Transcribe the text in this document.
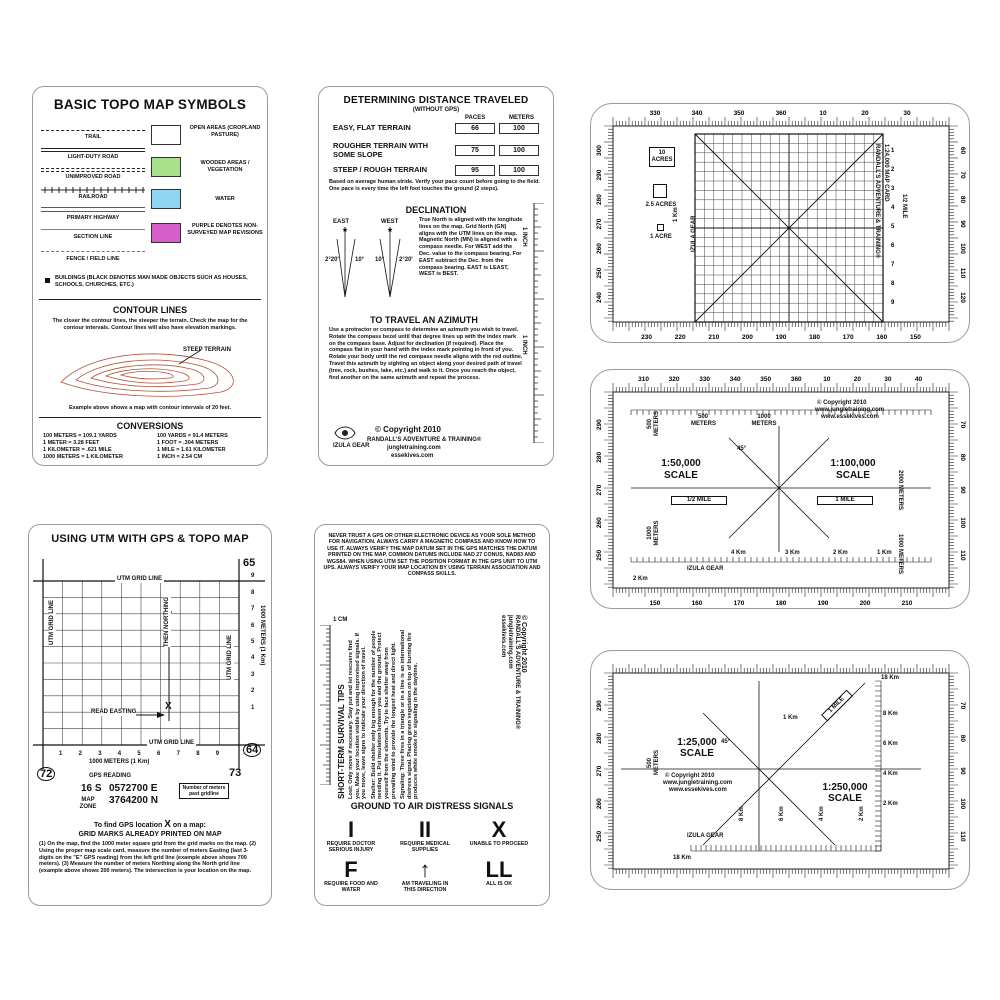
BASIC TOPO MAP SYMBOLS
TRAIL
LIGHT-DUTY ROAD
UNIMPROVED ROAD
RAILROAD
PRIMARY HIGHWAY
SECTION LINE
FENCE / FIELD LINE
OPEN AREAS (CROPLAND PASTURE)
WOODED AREAS / VEGETATION
WATER
PURPLE DENOTES NON-SURVEYED MAP REVISIONS
BUILDINGS (BLACK DENOTES MAN MADE OBJECTS SUCH AS HOUSES, SCHOOLS, CHURCHES, ETC.)
CONTOUR LINES
The closer the contour lines, the steeper the terrain. Check the map for the contour intervals. Contour lines will also have elevation markings.
STEEP TERRAIN
Example above shows a map with contour intervals of 20 feet.
CONVERSIONS
100 METERS = 109.1 YARDS
1 METER = 3.28 FEET
1 KILOMETER = .621 MILE
1000 METERS = 1 KILOMETER
100 YARDS = 91.4 METERS
1 FOOT = .304 METERS
1 MILE = 1.61 KILOMETER
1 INCH = 2.54 CM
DETERMINING DISTANCE TRAVELED
(WITHOUT GPS)
PACES	METERS
EASY, FLAT TERRAIN	66	100
ROUGHER TERRAIN WITH SOME SLOPE	75	100
STEEP / ROUGH TERRAIN	95	100
Based on average human stride. Verify your pace count before going to the field. One pace is every time the left foot touches the ground (2 steps).
DECLINATION
★	★
EAST	WEST
2°20'	10° 10° 2°20'
True North is aligned with the longitude lines on the map. Grid North (GN) aligns with the UTM lines on the map. Magnetic North (MN) is aligned with a compass needle. For WEST add the Dec. value to the compass bearing. For EAST subtract the Dec. from the compass bearing. EAST is LEAST, WEST is BEST.
TO TRAVEL AN AZIMUTH
Use a protractor or compass to determine an azimuth you wish to travel. Rotate the compass bezel until that degree lines up with the index mark on the compass base. Adjust for declination (if required). Place the compass flat in your hand with the index mark pointing in front of you. Rotate your body until the red compass needle aligns with the red outline. Travel this azimuth by sighting an object along your desired path of travel (tree, rock, bushes, lake, etc.) and walk to it. Once you reach the object, find another on the same azimuth and repeat the process.
1 INCH
1 INCH
IZULA GEAR
© Copyright 2010
RANDALL'S ADVENTURE & TRAINING®
jungletraining.com
essekives.com
USING UTM WITH GPS & TOPO MAP
UTM GRID LINE
UTM GRID LINE
UTM GRID LINE
UTM GRID LINE
THEN NORTHING
READ EASTING	X
65
64
72	73
1
1
2
2
3
3
4
4
5
5
6
6
7
7
8
8
9
9
1000 METERS (1 Km)
1000 METERS (1 Km)
GPS READING
16 S 0572700 E
3764200 N
MAP ZONE
Number of meters past gridline
To find GPS location X on a map:
GRID MARKS ALREADY PRINTED ON MAP
(1) On the map, find the 1000 meter square grid from the grid marks on the map. (2) Using the proper map scale card, measure the number of meters Easting (last 3-digits on the "E" GPS reading) from the left grid line (example above shows 700 meters). (3) Measure the number of meters Northing along the North grid line (example above shows 200 meters). The intersection is your location on the map.
NEVER TRUST A GPS OR OTHER ELECTRONIC DEVICE AS YOUR SOLE METHOD FOR NAVIGATION. ALWAYS CARRY A MAGNETIC COMPASS AND KNOW HOW TO USE IT. ALWAYS VERIFY THE MAP DATUM SET IN THE GPS MATCHES THE DATUM PRINTED ON THE MAP. COMMON DATUMS INCLUDE NAD 27 CONUS, NAD83 AND WGS84. WHEN USING UTM SET THE POSITION FORMAT IN THE GPS UNIT TO UTM UPS. ALWAYS VERIFY YOUR MAP LOCATION BY USING TERRAIN ASSOCIATION AND COMPASS SKILLS.
1 CM
SHORT-TERM SURVIVAL TIPS Lost: Only move if necessary. Stay put and let rescuers find you. Make your location visible by using improvised signals. If you move, leave signs to indicate your direction of travel. Shelter: Build shelter only big enough for the number of people needing it. Put insulation between you and the ground. Protect yourself from the elements. Try to face shelter away from prevailing wind to provide the longest heat and direct light. Signaling: Three fires in a triangle or in a line is an international distress signal. Placing green vegetation on top of burning fire produces white smoke for signaling in the daytime.
© Copyright 2010
RANDALL'S ADVENTURE & TRAINING®
jungletraining.com
essekives.com
GROUND TO AIR DISTRESS SIGNALS
I
REQUIRE DOCTOR SERIOUS INJURY
II
REQUIRE MEDICAL SUPPLIES
X
UNABLE TO PROCEED
F
REQUIRE FOOD AND WATER
↑
AM TRAVELING IN THIS DIRECTION
LL
ALL IS OK
330	340	350	360	10	20	30
230	220	210	200	190	180	170	160	150
300
290
280
270
260
250
240
60
70
80
90
100
110
120
1
2
3
4
5
6
7
8
9
10 ACRES
2.5 ACRES
1 ACRE
1 Km	1/2 MILE
1:24,000 MAP CARD
RANDALL'S ADVENTURE & TRAINING®
IZULA GEAR
310	320	330	340	350	360	10	20	30	40
150	160	170	180	190	200	210
290
280
270
260
250
70
80
90
100
110
© Copyright 2010
www.jungletraining.com
www.essekives.com
1:50,000
SCALE
1:100,000
SCALE
1/2 MILE	1 MILE
500 METERS
1000 METERS
500 METERS
1000 METERS
2000 METERS
1000 METERS
4 Km	3 Km	2 Km	1 Km
2 Km
IZULA GEAR
45°
290
280
270
260
250
70
80
90
100
110
1:25,000
SCALE
1:250,000
SCALE
© Copyright 2010
www.jungletraining.com
www.essekives.com
1 Km
1 MILE
500 METERS
45°
18 Km
8 Km
6 Km
4 Km
2 Km
18 Km
8 Km	6 Km	4 Km	2 Km
IZULA GEAR
